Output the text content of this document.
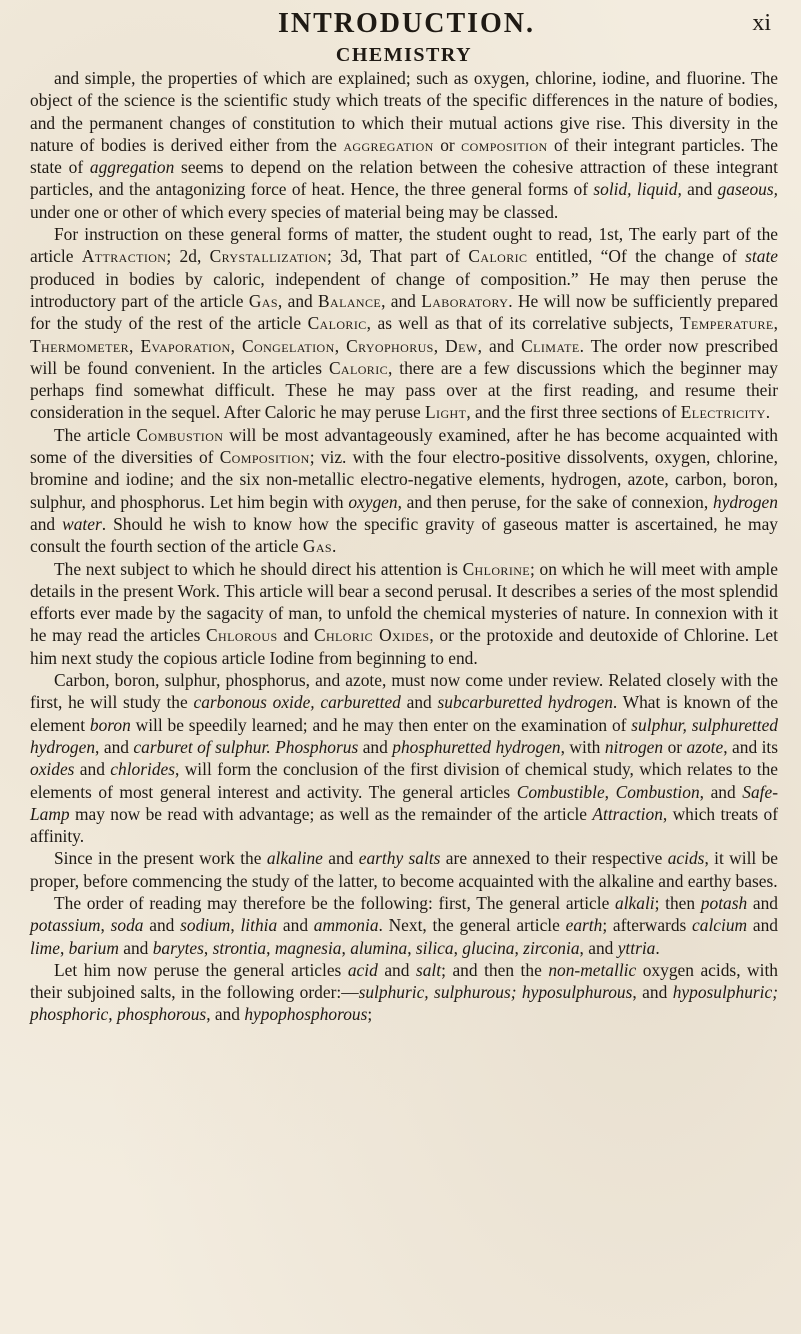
INTRODUCTION.	xi
CHEMISTRY

and simple, the properties of which are explained; such as oxygen, chlorine, iodine, and fluorine. The object of the science is the scientific study which treats of the specific differences in the nature of bodies, and the permanent changes of constitution to which their mutual actions give rise. This diversity in the nature of bodies is derived either from the aggregation or composition of their integrant particles. The state of aggregation seems to depend on the relation between the cohesive attraction of these integrant particles, and the antagonizing force of heat. Hence, the three general forms of solid, liquid, and gaseous, under one or other of which every species of material being may be classed.

For instruction on these general forms of matter, the student ought to read, 1st, The early part of the article Attraction; 2d, Crystallization; 3d, That part of Caloric entitled, “Of the change of state produced in bodies by caloric, independent of change of composition.” He may then peruse the introductory part of the article Gas, and Balance, and Laboratory. He will now be sufficiently prepared for the study of the rest of the article Caloric, as well as that of its correlative subjects, Temperature, Thermometer, Evaporation, Congelation, Cryophorus, Dew, and Climate. The order now prescribed will be found convenient. In the articles Caloric, there are a few discussions which the beginner may perhaps find somewhat difficult. These he may pass over at the first reading, and resume their consideration in the sequel. After Caloric he may peruse Light, and the first three sections of Electricity.

The article Combustion will be most advantageously examined, after he has become acquainted with some of the diversities of Composition; viz. with the four electro-positive dissolvents, oxygen, chlorine, bromine and iodine; and the six non-metallic electro-negative elements, hydrogen, azote, carbon, boron, sulphur, and phosphorus. Let him begin with oxygen, and then peruse, for the sake of connexion, hydrogen and water. Should he wish to know how the specific gravity of gaseous matter is ascertained, he may consult the fourth section of the article Gas.

The next subject to which he should direct his attention is Chlorine; on which he will meet with ample details in the present Work. This article will bear a second perusal. It describes a series of the most splendid efforts ever made by the sagacity of man, to unfold the chemical mysteries of nature. In connexion with it he may read the articles Chlorous and Chloric Oxides, or the protoxide and deutoxide of Chlorine. Let him next study the copious article Iodine from beginning to end.

Carbon, boron, sulphur, phosphorus, and azote, must now come under review. Related closely with the first, he will study the carbonous oxide, carburetted and subcarburetted hydrogen. What is known of the element boron will be speedily learned; and he may then enter on the examination of sulphur, sulphuretted hydrogen, and carburet of sulphur. Phosphorus and phosphuretted hydrogen, with nitrogen or azote, and its oxides and chlorides, will form the conclusion of the first division of chemical study, which relates to the elements of most general interest and activity. The general articles Combustible, Combustion, and Safe-Lamp may now be read with advantage; as well as the remainder of the article Attraction, which treats of affinity.

Since in the present work the alkaline and earthy salts are annexed to their respective acids, it will be proper, before commencing the study of the latter, to become acquainted with the alkaline and earthy bases.

The order of reading may therefore be the following: first, The general article alkali; then potash and potassium, soda and sodium, lithia and ammonia. Next, the general article earth; afterwards calcium and lime, barium and barytes, strontia, magnesia, alumina, silica, glucina, zirconia, and yttria.

Let him now peruse the general articles acid and salt; and then the non-metallic oxygen acids, with their subjoined salts, in the following order:—sulphuric, sulphurous; hyposulphurous, and hyposulphuric; phosphoric, phosphorous, and hypophosphorous;
